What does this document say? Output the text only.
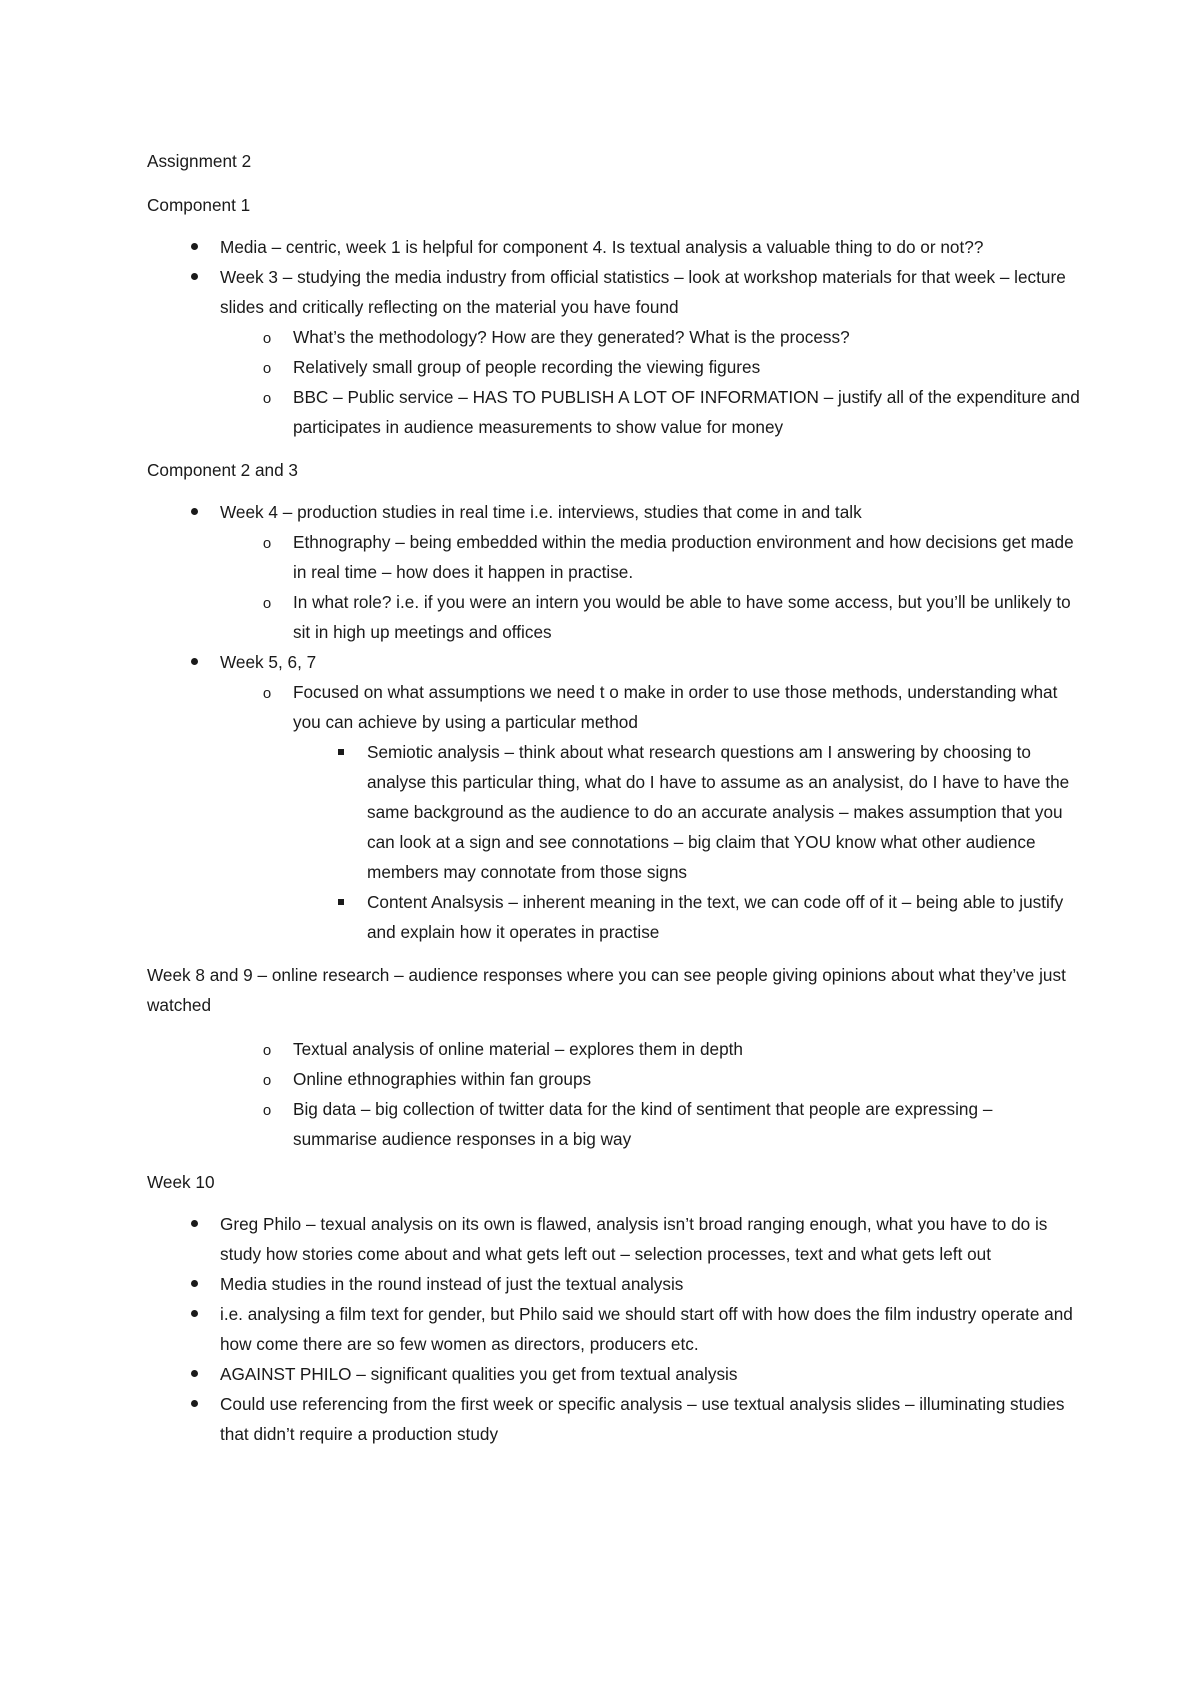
Assignment 2

Component 1

Media – centric, week 1 is helpful for component 4. Is textual analysis a valuable thing to do or not??
Week 3 – studying the media industry from official statistics – look at workshop materials for that week – lecture slides and critically reflecting on the material you have found
o	What’s the methodology? How are they generated? What is the process?
o	Relatively small group of people recording the viewing figures
o	BBC – Public service – HAS TO PUBLISH A LOT OF INFORMATION – justify all of the expenditure and participates in audience measurements to show value for money

Component 2 and 3

Week 4 – production studies in real time i.e. interviews, studies that come in and talk
o	Ethnography – being embedded within the media production environment and how decisions get made in real time – how does it happen in practise.
o	In what role? i.e. if you were an intern you would be able to have some access, but you’ll be unlikely to sit in high up meetings and offices
Week 5, 6, 7
o	Focused on what assumptions we need t o make in order to use those methods, understanding what you can achieve by using a particular method
Semiotic analysis – think about what research questions am I answering by choosing to analyse this particular thing, what do I have to assume as an analysist, do I have to have the same background as the audience to do an accurate analysis – makes assumption that you can look at a sign and see connotations – big claim that YOU know what other audience members may connotate from those signs
Content Analsysis – inherent meaning in the text, we can code off of it – being able to justify and explain how it operates in practise

Week 8 and 9 – online research – audience responses where you can see people giving opinions about what they’ve just watched

o	Textual analysis of online material – explores them in depth
o	Online ethnographies within fan groups
o	Big data – big collection of twitter data for the kind of sentiment that people are expressing – summarise audience responses in a big way

Week 10

Greg Philo – texual analysis on its own is flawed, analysis isn’t broad ranging enough, what you have to do is study how stories come about and what gets left out – selection processes, text and what gets left out
Media studies in the round instead of just the textual analysis
i.e. analysing a film text for gender, but Philo said we should start off with how does the film industry operate and how come there are so few women as directors, producers etc.
AGAINST PHILO – significant qualities you get from textual analysis
Could use referencing from the first week or specific analysis – use textual analysis slides – illuminating studies that didn’t require a production study
